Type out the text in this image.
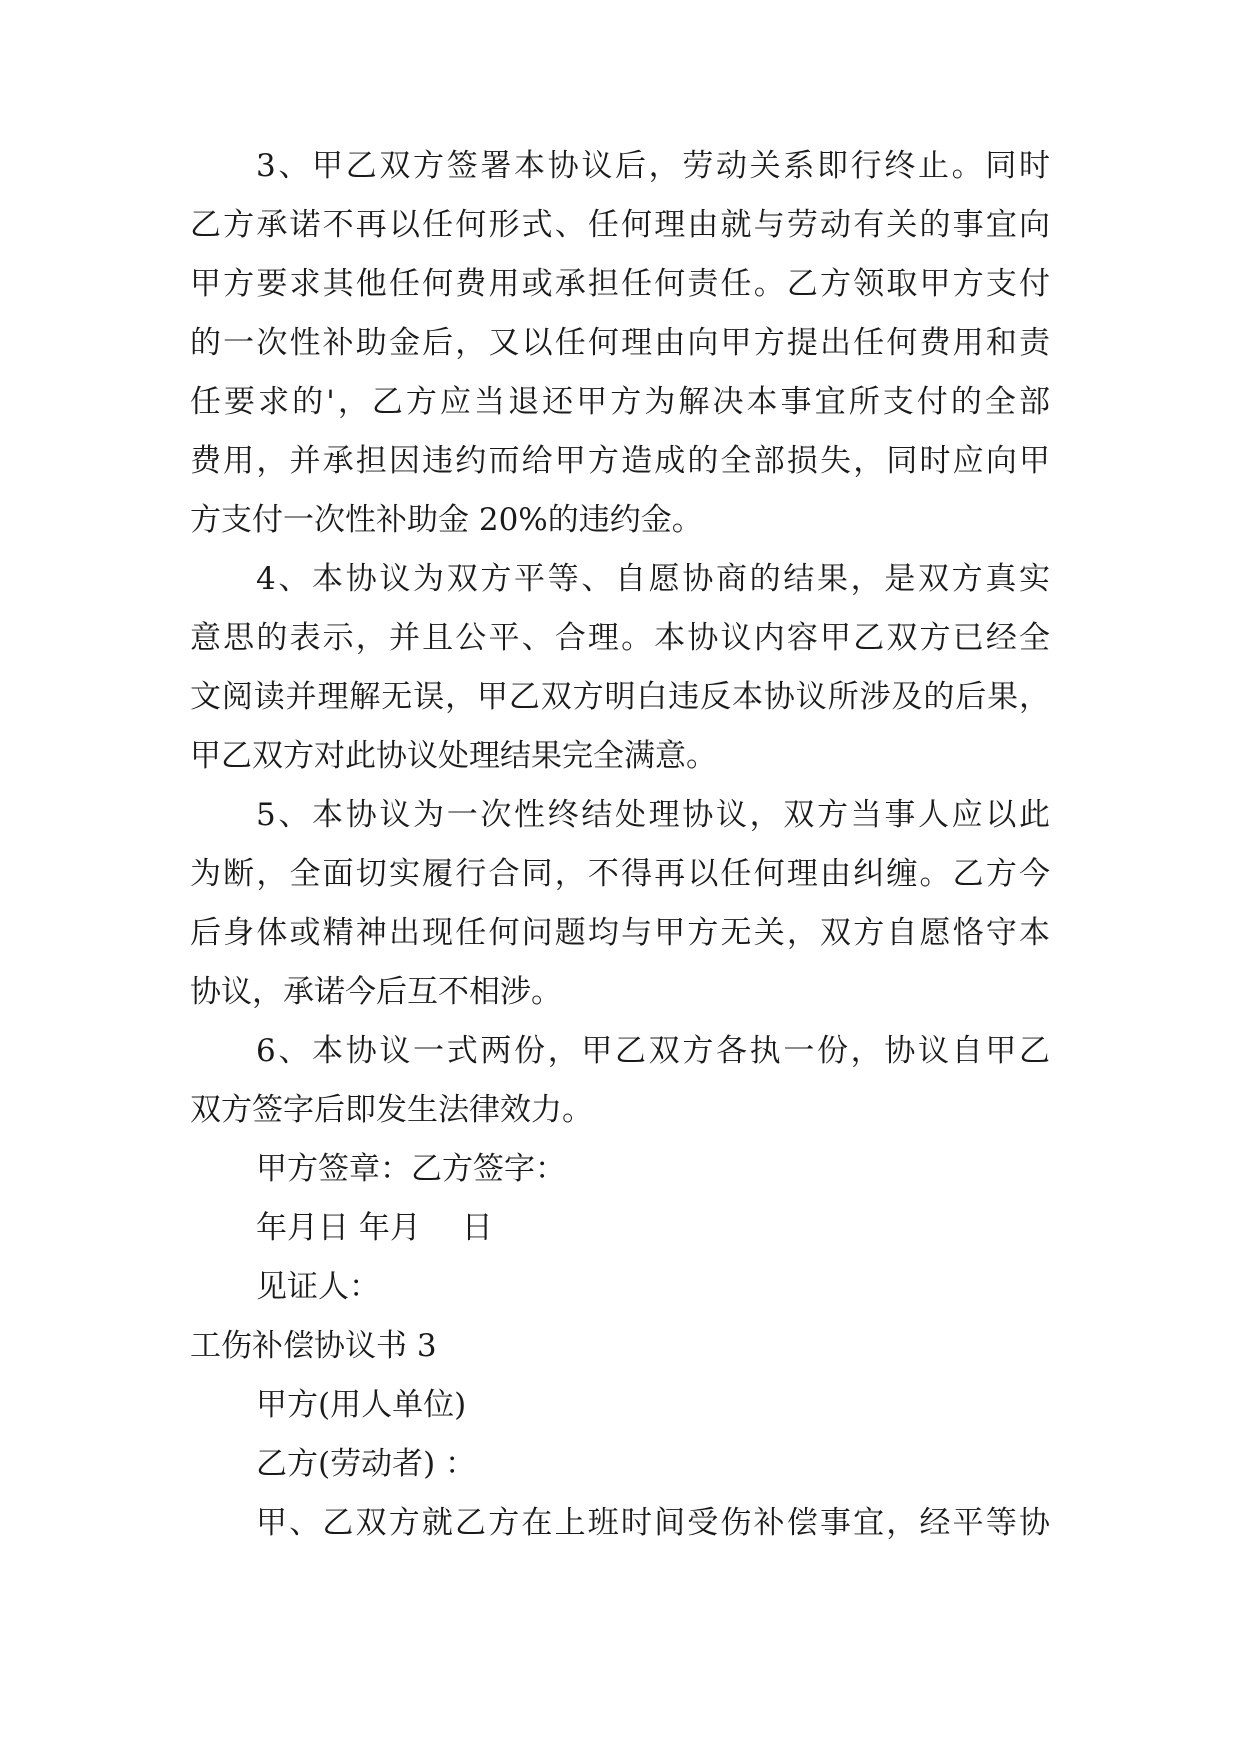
3、甲乙双方签署本协议后，劳动关系即行终止。同时
乙方承诺不再以任何形式、任何理由就与劳动有关的事宜向
甲方要求其他任何费用或承担任何责任。乙方领取甲方支付
的一次性补助金后，又以任何理由向甲方提出任何费用和责
任要求的'，乙方应当退还甲方为解决本事宜所支付的全部
费用，并承担因违约而给甲方造成的全部损失，同时应向甲
方支付一次性补助金 20%的违约金。
4、本协议为双方平等、自愿协商的结果，是双方真实
意思的表示，并且公平、合理。本协议内容甲乙双方已经全
文阅读并理解无误，甲乙双方明白违反本协议所涉及的后果，
甲乙双方对此协议处理结果完全满意。
5、本协议为一次性终结处理协议，双方当事人应以此
为断，全面切实履行合同，不得再以任何理由纠缠。乙方今
后身体或精神出现任何问题均与甲方无关，双方自愿恪守本
协议，承诺今后互不相涉。
6、本协议一式两份，甲乙双方各执一份，协议自甲乙
双方签字后即发生法律效力。
甲方签章：乙方签字：
年月日 年月　 日
见证人：
工伤补偿协议书 3
甲方(用人单位)
乙方(劳动者) ：
甲、乙双方就乙方在上班时间受伤补偿事宜，经平等协
